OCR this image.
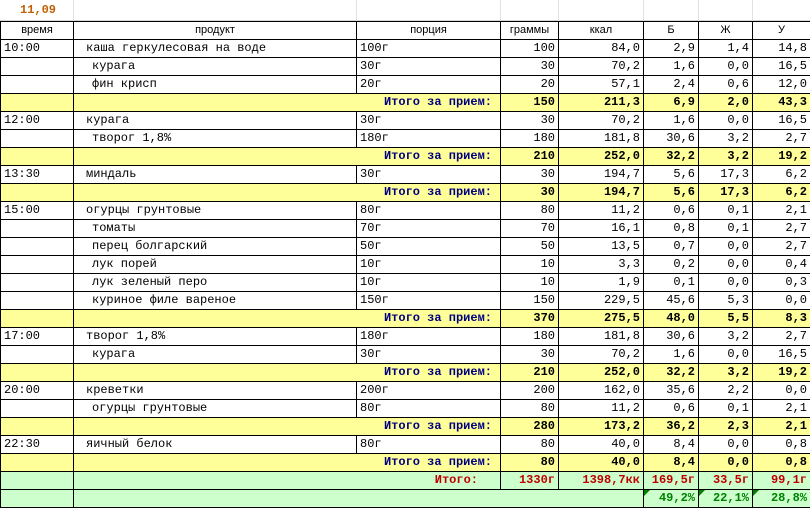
11,09
время	продукт	порция	граммы	ккал	Б	Ж	У
10:00	каша геркулесовая на воде	100г	100	84,0	2,9	1,4	14,8
	курага	30г	30	70,2	1,6	0,0	16,5
	фин крисп	20г	20	57,1	2,4	0,6	12,0
	Итого за прием:		150	211,3	6,9	2,0	43,3
12:00	курага	30г	30	70,2	1,6	0,0	16,5
	творог 1,8%	180г	180	181,8	30,6	3,2	2,7
	Итого за прием:		210	252,0	32,2	3,2	19,2
13:30	миндаль	30г	30	194,7	5,6	17,3	6,2
	Итого за прием:		30	194,7	5,6	17,3	6,2
15:00	огурцы грунтовые	80г	80	11,2	0,6	0,1	2,1
	томаты	70г	70	16,1	0,8	0,1	2,7
	перец болгарский	50г	50	13,5	0,7	0,0	2,7
	лук порей	10г	10	3,3	0,2	0,0	0,4
	лук зеленый перо	10г	10	1,9	0,1	0,0	0,3
	куриное филе вареное	150г	150	229,5	45,6	5,3	0,0
	Итого за прием:		370	275,5	48,0	5,5	8,3
17:00	творог 1,8%	180г	180	181,8	30,6	3,2	2,7
	курага	30г	30	70,2	1,6	0,0	16,5
	Итого за прием:		210	252,0	32,2	3,2	19,2
20:00	креветки	200г	200	162,0	35,6	2,2	0,0
	огурцы грунтовые	80г	80	11,2	0,6	0,1	2,1
	Итого за прием:		280	173,2	36,2	2,3	2,1
22:30	яичный белок	80г	80	40,0	8,4	0,0	0,8
	Итого за прием:		80	40,0	8,4	0,0	0,8
	Итого:		1330г	1398,7кк	169,5г	33,5г	99,1г
					49,2%	22,1%	28,8%
